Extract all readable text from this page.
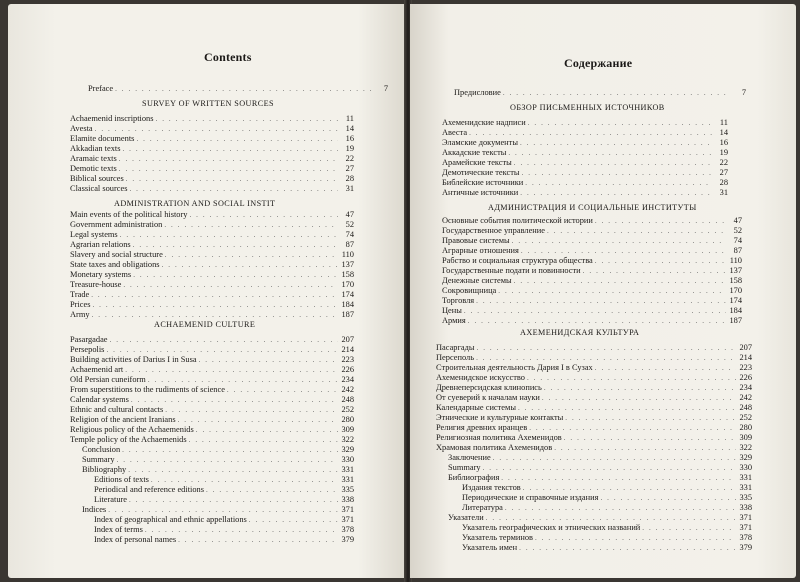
Contents
Preface . . .	7
SURVEY OF WRITTEN SOURCES
Achaemenid inscriptions . . .	11
Avesta . . .	14
Elamite documents . . .	16
Akkadian texts . . .	19
Aramaic texts . . .	22
Demotic texts . . .	27
Biblical sources . . .	28
Classical sources . . .	31
ADMINISTRATION AND SOCIAL INSTIT
Main events of the political history . . .	47
Government administration . . .	52
Legal systems . . .	74
Agrarian relations . . .	87
Slavery and social structure . . .	110
State taxes and obligations . . .	137
Monetary systems . . .	158
Treasure-house . . .	170
Trade . . .	174
Prices . . .	184
Army . . .	187
ACHAEMENID CULTURE
Pasargadae . . .	207
Persepolis . . .	214
Building activities of Darius I in Susa . . .	223
Achaemenid art . . .	226
Old Persian cuneiform . . .	234
From superstitions to the rudiments of science . . .	242
Calendar systems . . .	248
Ethnic and cultural contacts . . .	252
Religion of the ancient Iranians . . .	280
Religious policy of the Achaemenids . . .	309
Temple policy of the Achaemenids . . .	322
Conclusion . . .	329
Summary . . .	330
Bibliography . . .	331
Editions of texts . . .	331
Periodical and reference editions . . .	335
Literature . . .	338
Indices . . .	371
Index of geographical and ethnic appellations . . .	371
Index of terms . . .	378
Index of personal names . . .	379
Содержание
Предисловие . . .	7
ОБЗОР ПИСЬМЕННЫХ ИСТОЧНИКОВ
Ахеменидские надписи . . .	11
Авеста . . .	14
Эламские документы . . .	16
Аккадские тексты . . .	19
Арамейские тексты . . .	22
Демотические тексты . . .	27
Библейские источники . . .	28
Античные источники . . .	31
АДМИНИСТРАЦИЯ И СОЦИАЛЬНЫЕ ИНСТИТУТЫ
Основные события политической истории . . .	47
Государственное управление . . .	52
Правовые системы . . .	74
Аграрные отношения . . .	87
Рабство и социальная структура общества . . .	110
Государственные подати и повинности . . .	137
Денежные системы . . .	158
Сокровищница . . .	170
Торговля . . .	174
Цены . . .	184
Армия . . .	187
АХЕМЕНИДСКАЯ КУЛЬТУРА
Пасаргады . . .	207
Персеполь . . .	214
Строительная деятельность Дария I в Сузах . . .	223
Ахеменидское искусство . . .	226
Древнеперсидская клинопись . . .	234
От суеверий к началам науки . . .	242
Календарные системы . . .	248
Этнические и культурные контакты . . .	252
Религия древних иранцев . . .	280
Религиозная политика Ахеменидов . . .	309
Храмовая политика Ахеменидов . . .	322
Заключение . . .	329
Summary . . .	330
Библиография . . .	331
Издания текстов . . .	331
Периодические и справочные издания . . .	335
Литература . . .	338
Указатели . . .	371
Указатель географических и этнических названий . . .	371
Указатель терминов . . .	378
Указатель имен . . .	379
